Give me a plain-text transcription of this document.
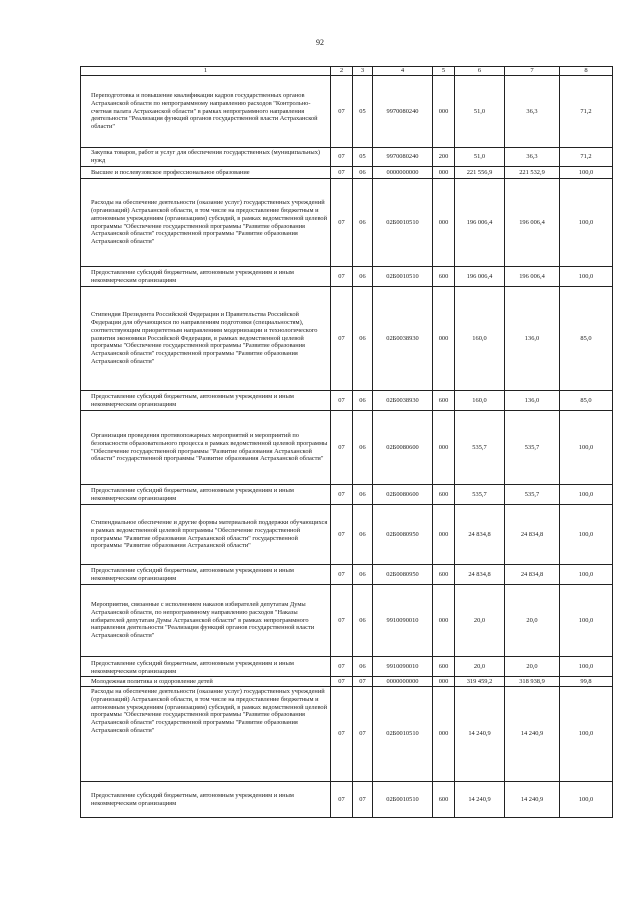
92
1	2	3	4	5	6	7	8

Переподготовка и повышение квалификации кадров государственных органов Астраханской области по непрограммному направлению расходов "Контрольно-счетная палата Астраханской области" в рамках непрограммного направления деятельности "Реализация функций органов государственной власти Астраханской области"	07	05	9970080240	000	51,0	36,3	71,2

Закупка товаров, работ и услуг для обеспечения государственных (муниципальных) нужд	07	05	9970080240	200	51,0	36,3	71,2

Высшее и послевузовское профессиональное образование	07	06	0000000000	000	221 556,9	221 532,9	100,0

Расходы на обеспечение деятельности (оказание услуг) государственных учреждений (организаций) Астраханской области, в том числе на предоставление бюджетным и автономным учреждениям (организациям) субсидий, в рамках ведомственной целевой программы "Обеспечение государственной программы "Развитие образования Астраханской области" государственной программы "Развитие образования Астраханской области"	07	06	02Б0010510	000	196 006,4	196 006,4	100,0

Предоставление субсидий бюджетным, автономным учреждениям и иным некоммерческим организациям	07	06	02Б0010510	600	196 006,4	196 006,4	100,0

Стипендия Президента Российской Федерации и Правительства Российской Федерации для обучающихся по направлениям подготовки (специальностям), соответствующим приоритетным направлениям модернизации и технологического развития экономики Российской Федерации, в рамках ведомственной целевой программы "Обеспечение государственной программы "Развитие образования Астраханской области" государственной программы "Развитие образования Астраханской области"	07	06	02Б0038930	000	160,0	136,0	85,0

Предоставление субсидий бюджетным, автономным учреждениям и иным некоммерческим организациям	07	06	02Б0038930	600	160,0	136,0	85,0

Организация проведения противопожарных мероприятий и мероприятий по безопасности образовательного процесса в рамках ведомственной целевой программы "Обеспечение государственной программы "Развитие образования Астраханской области" государственной программы "Развитие образования Астраханской области"	07	06	02Б0080600	000	535,7	535,7	100,0

Предоставление субсидий бюджетным, автономным учреждениям и иным некоммерческим организациям	07	06	02Б0080600	600	535,7	535,7	100,0

Стипендиальное обеспечение и другие формы материальной поддержки обучающихся в рамках ведомственной целевой программы "Обеспечение государственной программы "Развитие образования Астраханской области" государственной программы "Развитие образования Астраханской области"	07	06	02Б0080950	000	24 834,8	24 834,8	100,0

Предоставление субсидий бюджетным, автономным учреждениям и иным некоммерческим организациям	07	06	02Б0080950	600	24 834,8	24 834,8	100,0

Мероприятия, связанные с исполнением наказов избирателей депутатам Думы Астраханской области, по непрограммному направлению расходов "Наказы избирателей депутатам Думы Астраханской области" в рамках непрограммного направления деятельности "Реализация функций органов государственной власти Астраханской области"	07	06	9910090010	000	20,0	20,0	100,0

Предоставление субсидий бюджетным, автономным учреждениям и иным некоммерческим организациям	07	06	9910090010	600	20,0	20,0	100,0

Молодежная политика и оздоровление детей	07	07	0000000000	000	319 459,2	318 938,9	99,8

Расходы на обеспечение деятельности (оказание услуг) государственных учреждений (организаций) Астраханской области, в том числе на предоставление бюджетным и автономным учреждениям (организациям) субсидий, в рамках ведомственной целевой программы "Обеспечение государственной программы "Развитие образования Астраханской области" государственной программы "Развитие образования Астраханской области"	07	07	02Б0010510	000	14 240,9	14 240,9	100,0

Предоставление субсидий бюджетным, автономным учреждениям и иным некоммерческим организациям	07	07	02Б0010510	600	14 240,9	14 240,9	100,0
